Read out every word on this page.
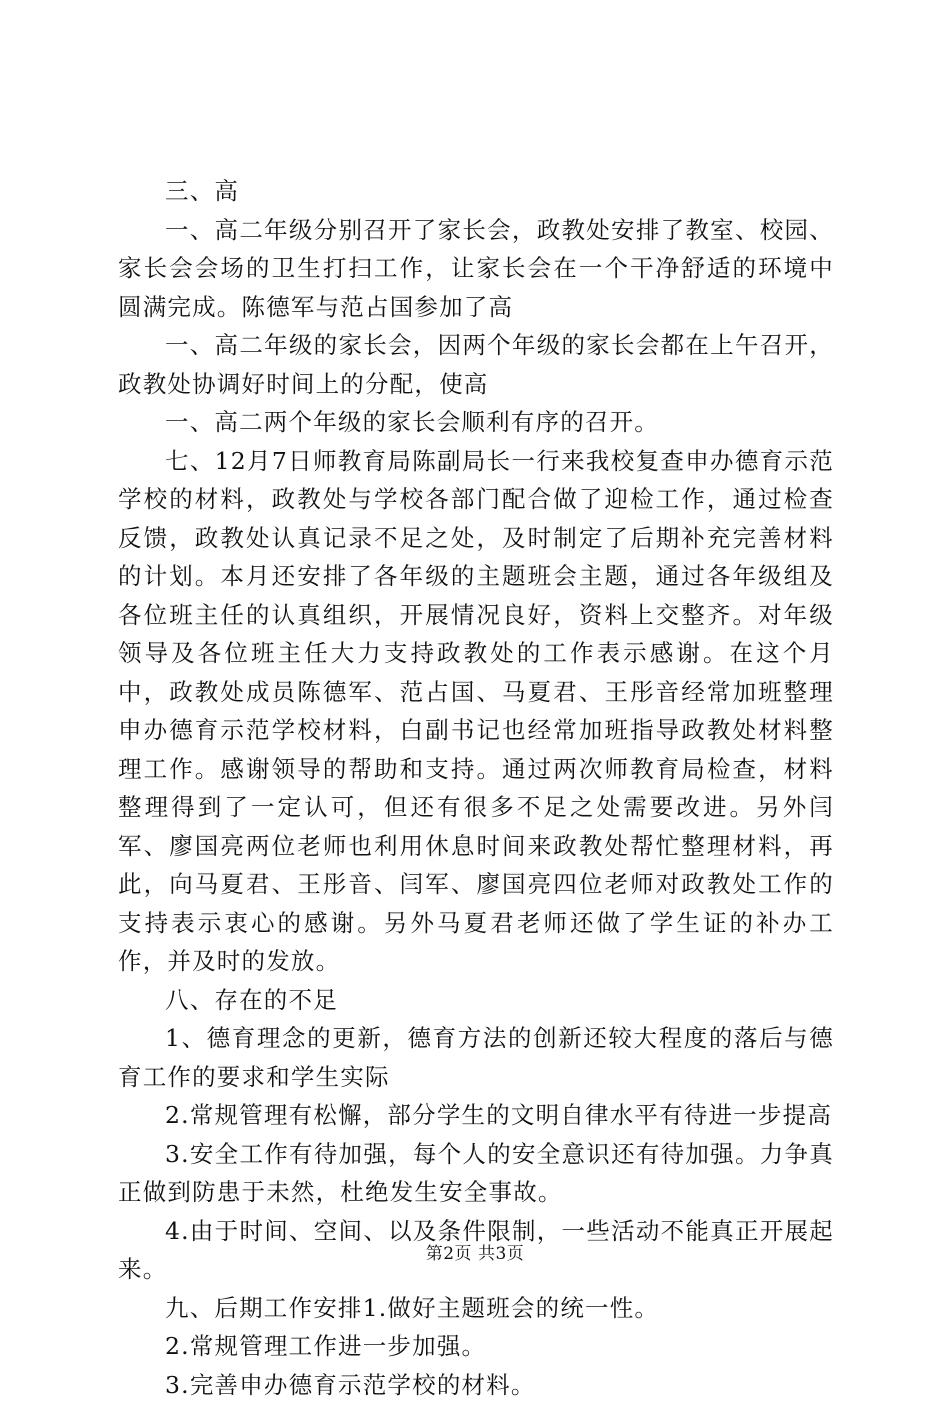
三、高

一、高二年级分别召开了家长会，政教处安排了教室、校园、家长会会场的卫生打扫工作，让家长会在一个干净舒适的环境中圆满完成。陈德军与范占国参加了高

一、高二年级的家长会，因两个年级的家长会都在上午召开，政教处协调好时间上的分配，使高

一、高二两个年级的家长会顺利有序的召开。

七、12月7日师教育局陈副局长一行来我校复查申办德育示范学校的材料，政教处与学校各部门配合做了迎检工作，通过检查反馈，政教处认真记录不足之处，及时制定了后期补充完善材料的计划。本月还安排了各年级的主题班会主题，通过各年级组及各位班主任的认真组织，开展情况良好，资料上交整齐。对年级领导及各位班主任大力支持政教处的工作表示感谢。在这个月中，政教处成员陈德军、范占国、马夏君、王彤音经常加班整理申办德育示范学校材料，白副书记也经常加班指导政教处材料整理工作。感谢领导的帮助和支持。通过两次师教育局检查，材料整理得到了一定认可，但还有很多不足之处需要改进。另外闫军、廖国亮两位老师也利用休息时间来政教处帮忙整理材料，再此，向马夏君、王彤音、闫军、廖国亮四位老师对政教处工作的支持表示衷心的感谢。另外马夏君老师还做了学生证的补办工作，并及时的发放。

八、存在的不足

1、德育理念的更新，德育方法的创新还较大程度的落后与德育工作的要求和学生实际

2.常规管理有松懈，部分学生的文明自律水平有待进一步提高

3.安全工作有待加强，每个人的安全意识还有待加强。力争真正做到防患于未然，杜绝发生安全事故。

4.由于时间、空间、以及条件限制，一些活动不能真正开展起来。

九、后期工作安排1.做好主题班会的统一性。

2.常规管理工作进一步加强。

3.完善申办德育示范学校的材料。

第2页 共3页
